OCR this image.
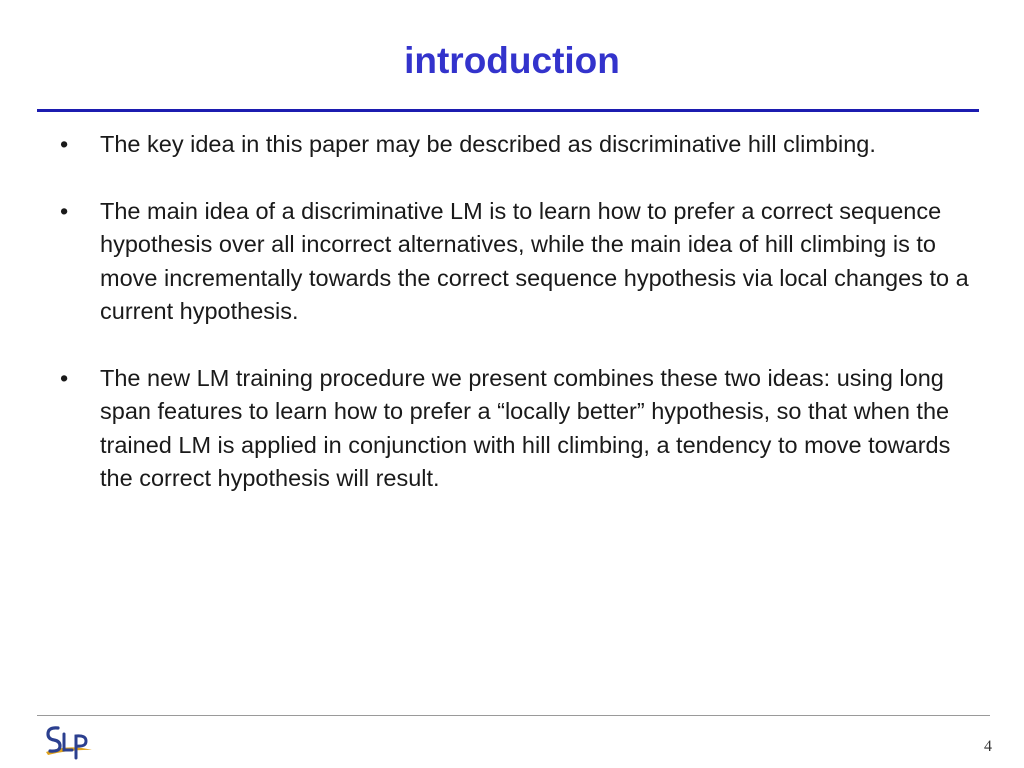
introduction
•	The key idea in this paper may be described as discriminative hill climbing.
•	The main idea of a discriminative LM is to learn how to prefer a correct sequence hypothesis over all incorrect alternatives, while the main idea of hill climbing is to move incrementally towards the correct sequence hypothesis via local changes to a current hypothesis.
•	The new LM training procedure we present combines these two ideas: using long span features to learn how to prefer a “locally better” hypothesis, so that when the trained LM is applied in conjunction with hill climbing, a tendency to move towards the correct hypothesis will result.
4
